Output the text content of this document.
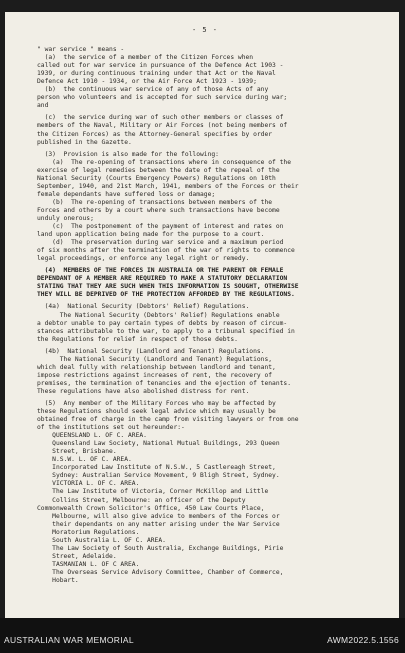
- 5 -

" war service " means -

(a)  the service of a member of the Citizen Forces when

called out for war service in pursuance of the Defence Act 1903 -

1939, or during continuous training under that Act or the Naval

Defence Act 1910 - 1934, or the Air Force Act 1923 - 1939;

(b)  the continuous war service of any of those Acts of any

person who volunteers and is accepted for such service during war;

and

(c)  the service during war of such other members or classes of

members of the Naval, Military or Air Forces (not being members of

the Citizen Forces) as the Attorney-General specifies by order

published in the Gazette.

(3)  Provision is also made for the following:

(a)  The re-opening of transactions where in consequence of the

exercise of legal remedies between the date of the repeal of the

National Security (Courts Emergency Powers) Regulations on 10th

September, 1940, and 21st March, 1941, members of the Forces or their

female dependants have suffered loss or damage;

(b)  The re-opening of transactions between members of the

Forces and others by a court where such transactions have become

unduly onerous;

(c)  The postponement of the payment of interest and rates on

land upon application being made for the purpose to a court.

(d)  The preservation during war service and a maximum period

of six months after the termination of the war of rights to commence

legal proceedings, or enforce any legal right or remedy.

(4)  MEMBERS OF THE FORCES IN AUSTRALIA OR THE PARENT OR FEMALE

DEPENDANT OF A MEMBER ARE REQUIRED TO MAKE A STATUTORY DECLARATION

STATING THAT THEY ARE SUCH WHEN THIS INFORMATION IS SOUGHT, OTHERWISE

THEY WILL BE DEPRIVED OF THE PROTECTION AFFORDED BY THE REGULATIONS.

(4a)  National Security (Debtors' Relief) Regulations.

The National Security (Debtors' Relief) Regulations enable

a debtor unable to pay certain types of debts by reason of circum-

stances attributable to the war, to apply to a tribunal specified in

the Regulations for relief in respect of those debts.

(4b)  National Security (Landlord and Tenant) Regulations.

The National Security (Landlord and Tenant) Regulations,

which deal fully with relationship between landlord and tenant,

impose restrictions against increases of rent, the recovery of

premises, the termination of tenancies and the ejection of tenants.

These regulations have also abolished distress for rent.

(5)  Any member of the Military Forces who may be affected by

these Regulations should seek legal advice which may usually be

obtained free of charge in the camp from visiting lawyers or from one

of the institutions set out hereunder:-

QUEENSLAND L. OF C. AREA.

Queensland Law Society, National Mutual Buildings, 293 Queen

Street, Brisbane.

N.S.W. L. OF C. AREA.

Incorporated Law Institute of N.S.W., 5 Castlereagh Street,

Sydney: Australian Service Movement, 9 Bligh Street, Sydney.

VICTORIA L. OF C. AREA.

The Law Institute of Victoria, Corner McKillop and Little

Collins Street, Melbourne: an officer of the Deputy

Commonwealth Crown Solicitor's Office, 450 Law Courts Place,

Melbourne, will also give advice to members of the Forces or

their dependants on any matter arising under the War Service

Moratorium Regulations.

South Australia L. OF C. AREA.

The Law Society of South Australia, Exchange Buildings, Pirie

Street, Adelaide.

TASMANIAN L. OF C AREA.

The Overseas Service Advisory Committee, Chamber of Commerce,

Hobart.

AUSTRALIAN WAR MEMORIAL	AWM2022.5.1556
